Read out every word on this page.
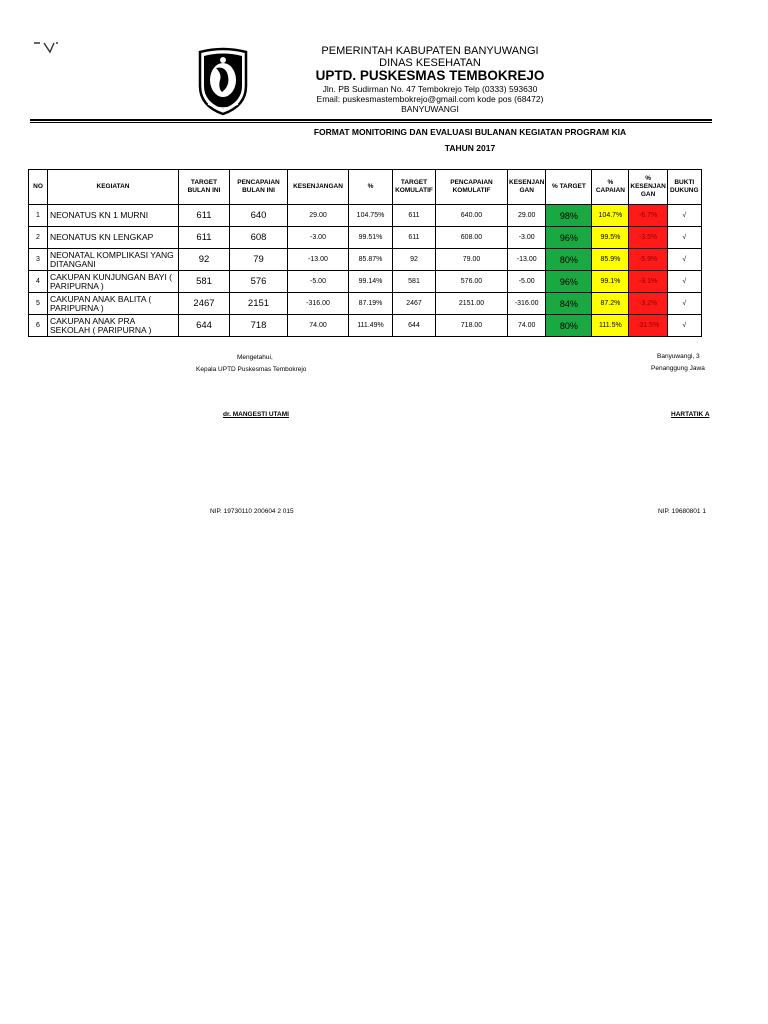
PEMERINTAH KABUPATEN BANYUWANGI
DINAS KESEHATAN
UPTD. PUSKESMAS TEMBOKREJO
Jln. PB Sudirman No. 47 Tembokrejo Telp (0333) 593630
Email: puskesmastembokrejo@gmail.com kode pos (68472)
BANYUWANGI
FORMAT MONITORING DAN EVALUASI BULANAN KEGIATAN PROGRAM KIA
TAHUN 2017
NO	KEGIATAN	TARGET BULAN INI	PENCAPAIAN BULAN INI	KESENJANGAN	%	TARGET KOMULATIF	PENCAPAIAN KOMULATIF	KESENJAN GAN	% TARGET	% CAPAIAN	% KESENJAN GAN	BUKTI DUKUNG
1	NEONATUS KN 1 MURNI	611	640	29.00	104.75%	611	640.00	29.00	98%	104.7%	-6.7%	√
2	NEONATUS KN LENGKAP	611	608	-3.00	99.51%	611	608.00	-3.00	96%	99.5%	-3.5%	√
3	NEONATAL KOMPLIKASI YANG DITANGANI	92	79	-13.00	85.87%	92	79.00	-13.00	80%	85.9%	-5.9%	√
4	CAKUPAN KUNJUNGAN BAYI ( PARIPURNA )	581	576	-5.00	99.14%	581	576.00	-5.00	96%	99.1%	-3.1%	√
5	CAKUPAN ANAK BALITA ( PARIPURNA )	2467	2151	-316.00	87.19%	2467	2151.00	-316.00	84%	87.2%	-3.2%	√
6	CAKUPAN ANAK PRA SEKOLAH ( PARIPURNA )	644	718	74.00	111.49%	644	718.00	74.00	80%	111.5%	-31.5%	√
Mengetahui,
Kepala UPTD Puskesmas Tembokrejo
dr. MANGESTI UTAMI
NIP. 19730110 200604 2 015
Banyuwangi, 3
Penanggung Jawa
HARTATIK A
NIP. 19680801 1
